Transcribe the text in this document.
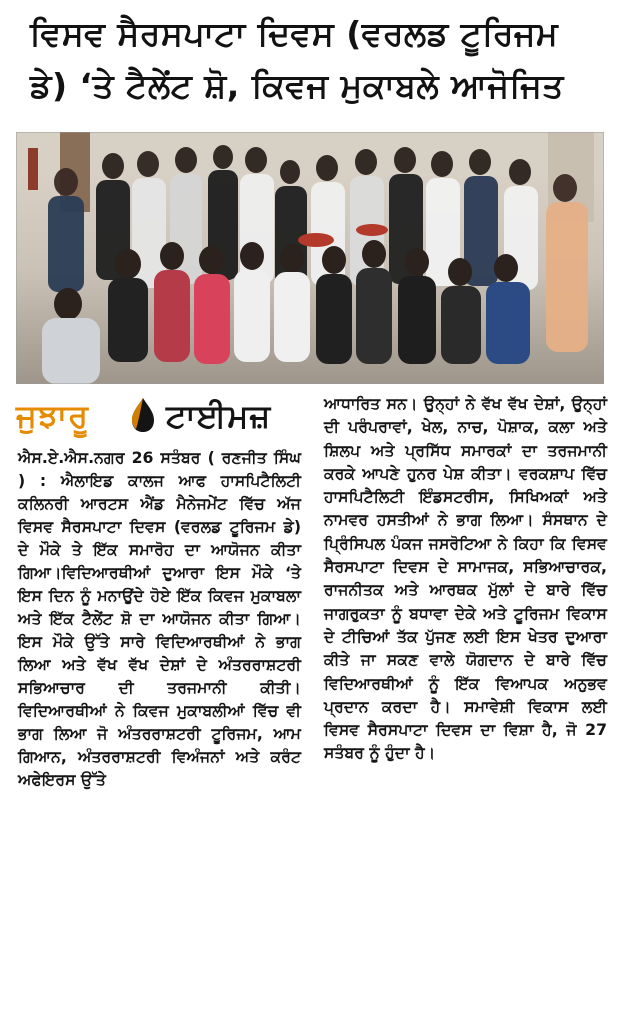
ਵਿਸਵ ਸੈਰਸਪਾਟਾ ਦਿਵਸ (ਵਰਲਡ ਟੂਰਿਜਮ
ਡੇ) ‘ਤੇ ਟੈਲੇਂਟ ਸ਼ੋ, ਕਿਵਜ ਮੁਕਾਬਲੇ ਆਜੋਜਿਤ
ਜੁਝਾਰੂ ਟਾਈਮਜ਼

ਐਸ.ਏ.ਐਸ.ਨਗਰ 26 ਸਤੰਬਰ ( ਰਣਜੀਤ ਸਿੰਘ ) : ਐਲਾਇਡ ਕਾਲਜ ਆਫ ਹਾਸਪਿਟੈਲਿਟੀ ਕਲਿਨਰੀ ਆਰਟਸ ਐਂਡ ਮੈਨੇਜਮੇਂਟ ਵਿੱਚ ਅੱਜ ਵਿਸਵ ਸੈਰਸਪਾਟਾ ਦਿਵਸ (ਵਰਲਡ ਟੂਰਿਜਮ ਡੇ) ਦੇ ਮੌਕੇ ਤੇ ਇੱਕ ਸਮਾਰੋਹ ਦਾ ਆਯੋਜਨ ਕੀਤਾ ਗਿਆ।ਵਿਦਿਆਰਥੀਆਂ ਦੁਆਰਾ ਇਸ ਮੌਕੇ ‘ਤੇ ਇਸ ਦਿਨ ਨੂੰ ਮਨਾਉਂਦੇ ਹੋਏ ਇੱਕ ਕਿਵਜ ਮੁਕਾਬਲਾ ਅਤੇ ਇੱਕ ਟੈਲੇਂਟ ਸ਼ੋ ਦਾ ਆਯੋਜਨ ਕੀਤਾ ਗਿਆ। ਇਸ ਮੌਕੇ ਉੱਤੇ ਸਾਰੇ ਵਿਦਿਆਰਥੀਆਂ ਨੇ ਭਾਗ ਲਿਆ ਅਤੇ ਵੱਖ ਵੱਖ ਦੇਸ਼ਾਂ ਦੇ ਅੰਤਰਰਾਸ਼ਟਰੀ ਸਭਿਆਚਾਰ ਦੀ ਤਰਜਮਾਨੀ ਕੀਤੀ। ਵਿਦਿਆਰਥੀਆਂ ਨੇ ਕਿਵਜ ਮੁਕਾਬਲੀਆਂ ਵਿੱਚ ਵੀ ਭਾਗ ਲਿਆ ਜੋ ਅੰਤਰਰਾਸ਼ਟਰੀ ਟੂਰਿਜਮ, ਆਮ ਗਿਆਨ, ਅੰਤਰਰਾਸ਼ਟਰੀ ਵਿਅੰਜਨਾਂ ਅਤੇ ਕਰੰਟ ਅਫੇਇਰਸ ਉੱਤੇ

ਆਧਾਰਿਤ ਸਨ। ਉਨ੍ਹਾਂ ਨੇ ਵੱਖ ਵੱਖ ਦੇਸ਼ਾਂ, ਉਨ੍ਹਾਂ ਦੀ ਪਰੰਪਰਾਵਾਂ, ਖੇਲ, ਨਾਚ, ਪੋਸ਼ਾਕ, ਕਲਾ ਅਤੇ ਸ਼ਿਲਪ ਅਤੇ ਪ੍ਰਸਿੱਧ ਸਮਾਰਕਾਂ ਦਾ ਤਰਜਮਾਨੀ ਕਰਕੇ ਆਪਣੇ ਹੁਨਰ ਪੇਸ਼ ਕੀਤਾ। ਵਰਕਸ਼ਾਪ ਵਿੱਚ ਹਾਸਪਿਟੈਲਿਟੀ ਇੰਡਸਟਰੀਸ, ਸਿਖਿਅਕਾਂ ਅਤੇ ਨਾਮਵਰ ਹਸਤੀਆਂ ਨੇ ਭਾਗ ਲਿਆ। ਸੰਸਥਾਨ ਦੇ ਪ੍ਰਿੰਸਿਪਲ ਪੰਕਜ ਜਸਰੋਟਿਆ ਨੇ ਕਿਹਾ ਕਿ ਵਿਸਵ ਸੈਰਸਪਾਟਾ ਦਿਵਸ ਦੇ ਸਾਮਾਜਕ, ਸਭਿਆਚਾਰਕ, ਰਾਜਨੀਤਕ ਅਤੇ ਆਰਥਕ ਮੁੱਲਾਂ ਦੇ ਬਾਰੇ ਵਿੱਚ ਜਾਗਰੁਕਤਾ ਨੂੰ ਬਧਾਵਾ ਦੇਕੇ ਅਤੇ ਟੂਰਿਜਮ ਵਿਕਾਸ ਦੇ ਟੀਚਿਆਂ ਤੱਕ ਪੁੱਜਣ ਲਈ ਇਸ ਖੇਤਰ ਦੁਆਰਾ ਕੀਤੇ ਜਾ ਸਕਣ ਵਾਲੇ ਯੋਗਦਾਨ ਦੇ ਬਾਰੇ ਵਿੱਚ ਵਿਦਿਆਰਥੀਆਂ ਨੂੰ ਇੱਕ ਵਿਆਪਕ ਅਨੁਭਵ ਪ੍ਰਦਾਨ ਕਰਦਾ ਹੈ। ਸਮਾਵੇਸ਼ੀ ਵਿਕਾਸ ਲਈ ਵਿਸਵ ਸੈਰਸਪਾਟਾ ਦਿਵਸ ਦਾ ਵਿਸ਼ਾ ਹੈ, ਜੋ 27 ਸਤੰਬਰ ਨੂੰ ਹੁੰਦਾ ਹੈ।
